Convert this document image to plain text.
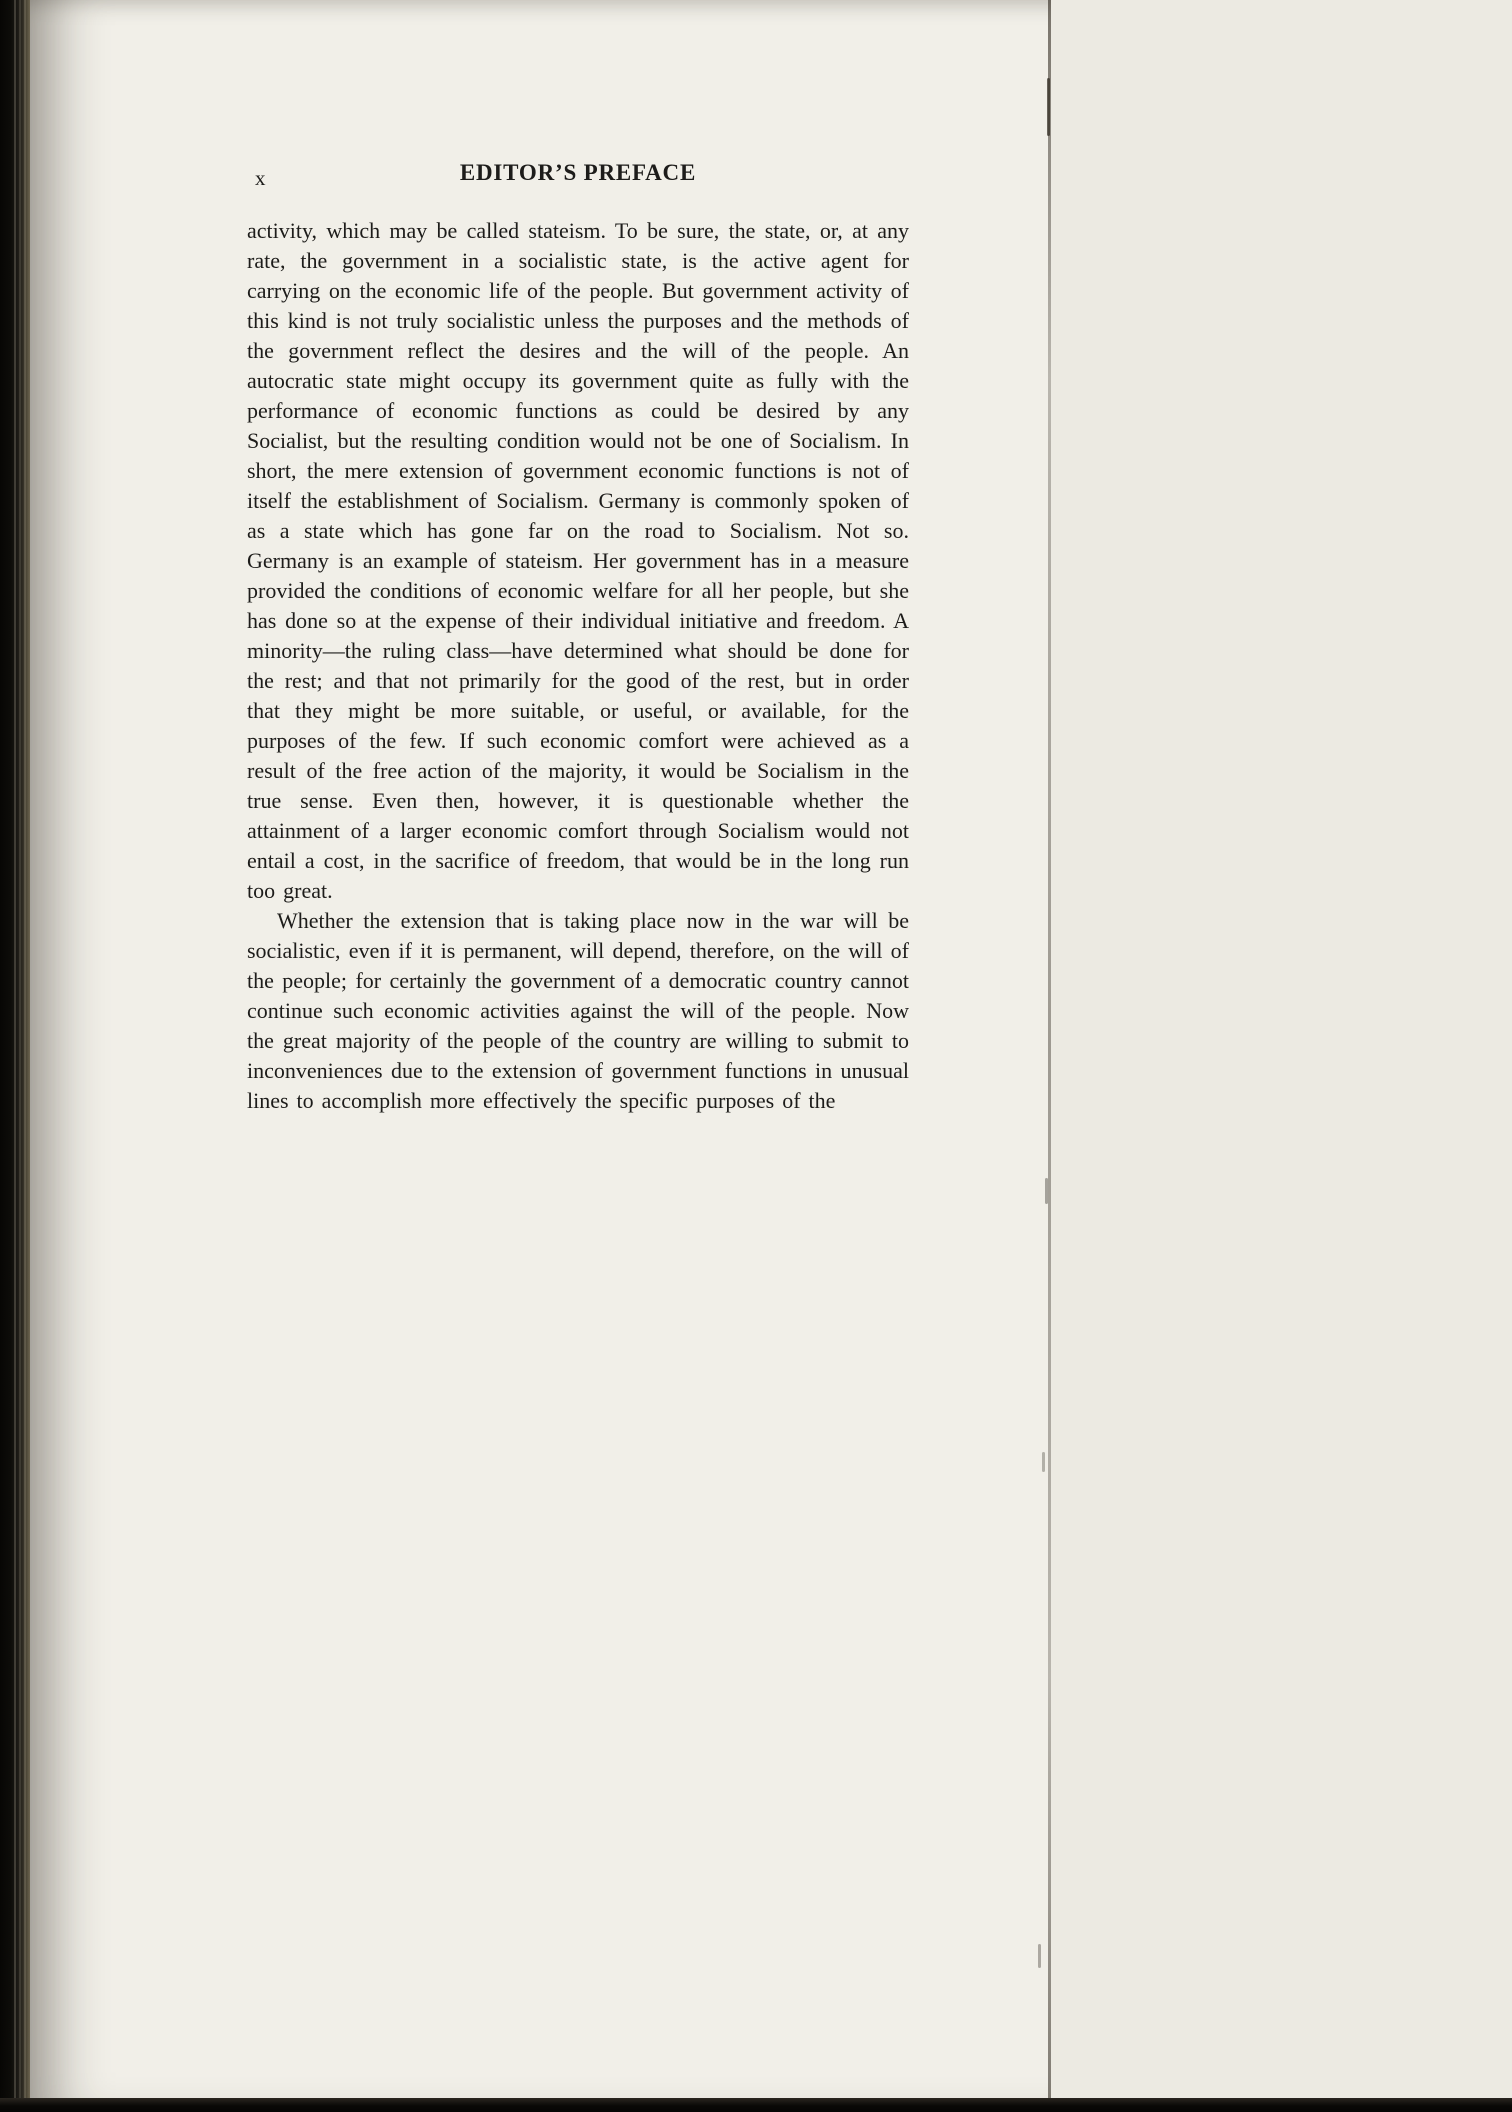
x	EDITOR’S PREFACE

activity, which may be called stateism. To be sure, the state, or, at any rate, the government in a socialistic state, is the active agent for carrying on the economic life of the people. But government activity of this kind is not truly socialistic unless the purposes and the methods of the government reflect the desires and the will of the people. An autocratic state might occupy its government quite as fully with the performance of economic functions as could be desired by any Socialist, but the resulting condition would not be one of Socialism. In short, the mere extension of government economic functions is not of itself the establishment of Socialism. Germany is commonly spoken of as a state which has gone far on the road to Socialism. Not so. Germany is an example of stateism. Her government has in a measure provided the conditions of economic welfare for all her people, but she has done so at the expense of their individual initiative and freedom. A minority—the ruling class—have determined what should be done for the rest; and that not primarily for the good of the rest, but in order that they might be more suitable, or useful, or available, for the purposes of the few. If such economic comfort were achieved as a result of the free action of the majority, it would be Socialism in the true sense. Even then, however, it is questionable whether the attainment of a larger economic comfort through Socialism would not entail a cost, in the sacrifice of freedom, that would be in the long run too great.

Whether the extension that is taking place now in the war will be socialistic, even if it is permanent, will depend, therefore, on the will of the people; for certainly the government of a democratic country cannot continue such economic activities against the will of the people. Now the great majority of the people of the country are willing to submit to inconveniences due to the extension of government functions in unusual lines to accomplish more effectively the specific purposes of the
